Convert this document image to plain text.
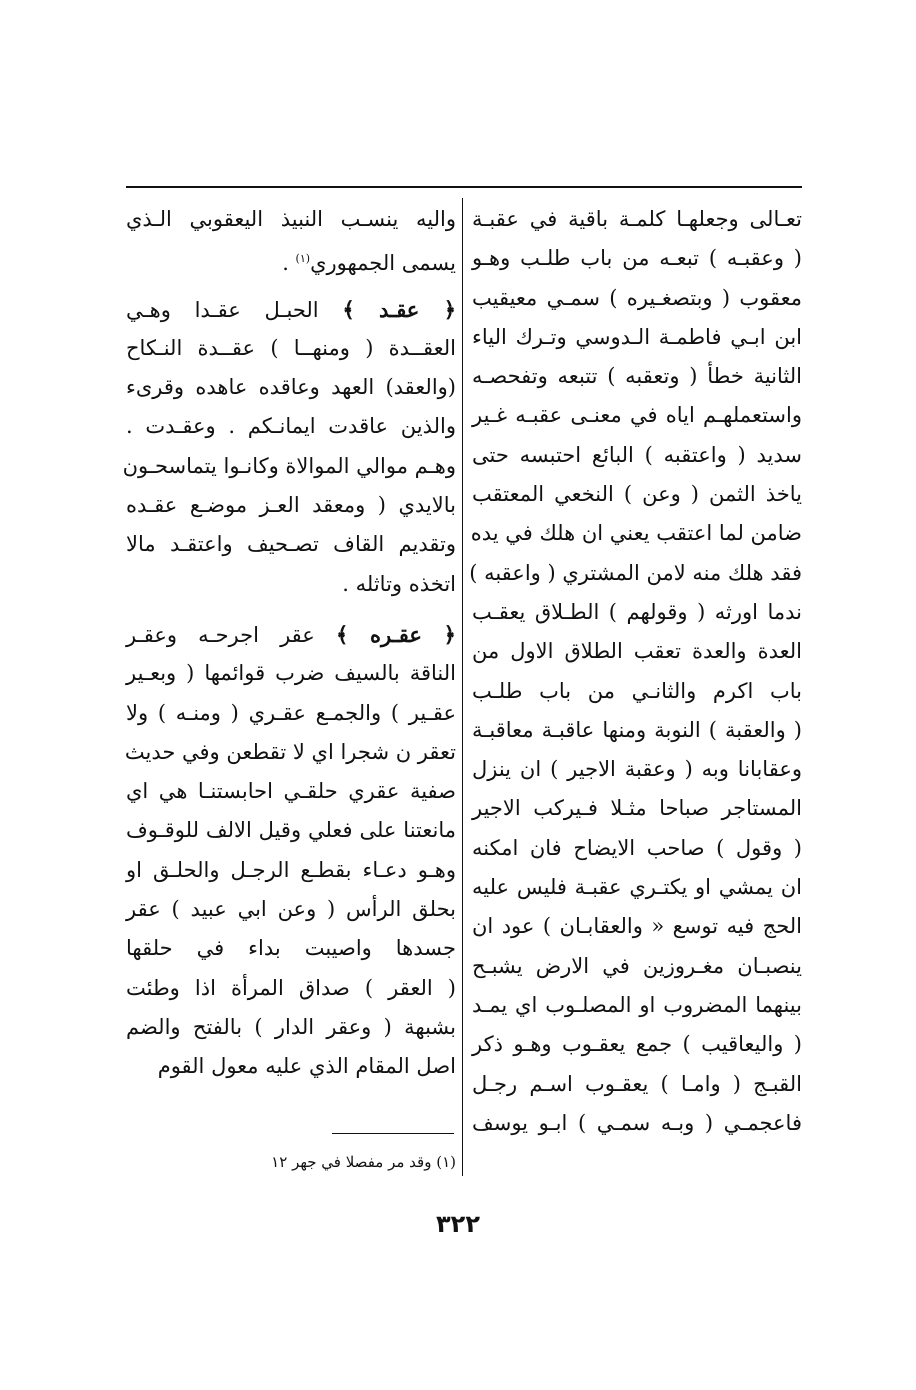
تعـالى وجعلهـا كلمـة باقية في عقبـة
( وعقبـه ) تبعـه من باب طلـب وهـو
معقوب ( وبتصغـيره ) سمـي معيقيب
ابن ابـي فاطمـة الـدوسي وتـرك الياء
الثانية خطأ ( وتعقبه ) تتبعه وتفحصـه
واستعملهـم اياه في معنـى عقبـه غـير
سديد ( واعتقبه ) البائع احتبسه حتى
ياخذ الثمن ( وعن ) النخعي المعتقب
ضامن لما اعتقب يعني ان هلك في يده
فقد هلك منه لامن المشتري ( واعقبه )
ندما اورثه ( وقولهم ) الطـلاق يعقـب
العدة والعدة تعقب الطلاق الاول من
باب اكرم والثانـي من باب طلـب
( والعقبة ) النوبة ومنها عاقبـة معاقبـة
وعقابانا وبه ( وعقبة الاجير ) ان ينزل
المستاجر صباحا مثـلا فـيركب الاجير
( وقول ) صاحب الايضاح فان امكنه
ان يمشي او يكتـري عقبـة فليس عليه
الحج فيه توسع « والعقابـان ) عود ان
ينصبـان مغـروزين في الارض يشبـح
بينهما المضروب او المصلـوب اي يمـد
( واليعاقيب ) جمع يعقـوب وهـو ذكر
القبـج ( وامـا ) يعقـوب اسـم رجـل
فاعجمـي ( وبـه سمـي ) ابـو يوسف
واليه ينسـب النبيذ اليعقوبي الـذي
يسمى الجمهوري$^{(١)}$ .
﴿ عقـد ﴾ الحبـل عقـدا وهـي
العقــدة ( ومنهــا ) عقــدة النـكاح
(والعقد) العهد وعاقده عاهده وقرىء
والذين عاقدت ايمانـكم . وعقـدت .
وهـم موالي الموالاة وكانـوا يتماسحـون
بالايدي ( ومعقد العـز موضـع عقـده
وتقديم القاف تصـحيف واعتقـد مالا
اتخذه وتاثله .
﴿ عقـره ﴾ عقر اجرحـه وعقـر
الناقة بالسيف ضرب قوائمها ( وبعـير
عقـير ) والجمـع عقـري ( ومنـه ) ولا
تعقر ن شجرا اي لا تقطعن وفي حديث
صفية عقري حلقـي احابستنـا هي اي
مانعتنا على فعلي وقيل الالف للوقـوف
وهـو دعـاء بقطـع الرجـل والحلـق او
بحلق الرأس ( وعن ابي عبيد ) عقر
جسدها واصيبت بداء في حلقها
( العقر ) صداق المرأة اذا وطئت
بشبهة ( وعقر الدار ) بالفتح والضم
اصل المقام الذي عليه معول القوم
(١) وقد مر مفصلا في جهر ١٢
٣٢٢
